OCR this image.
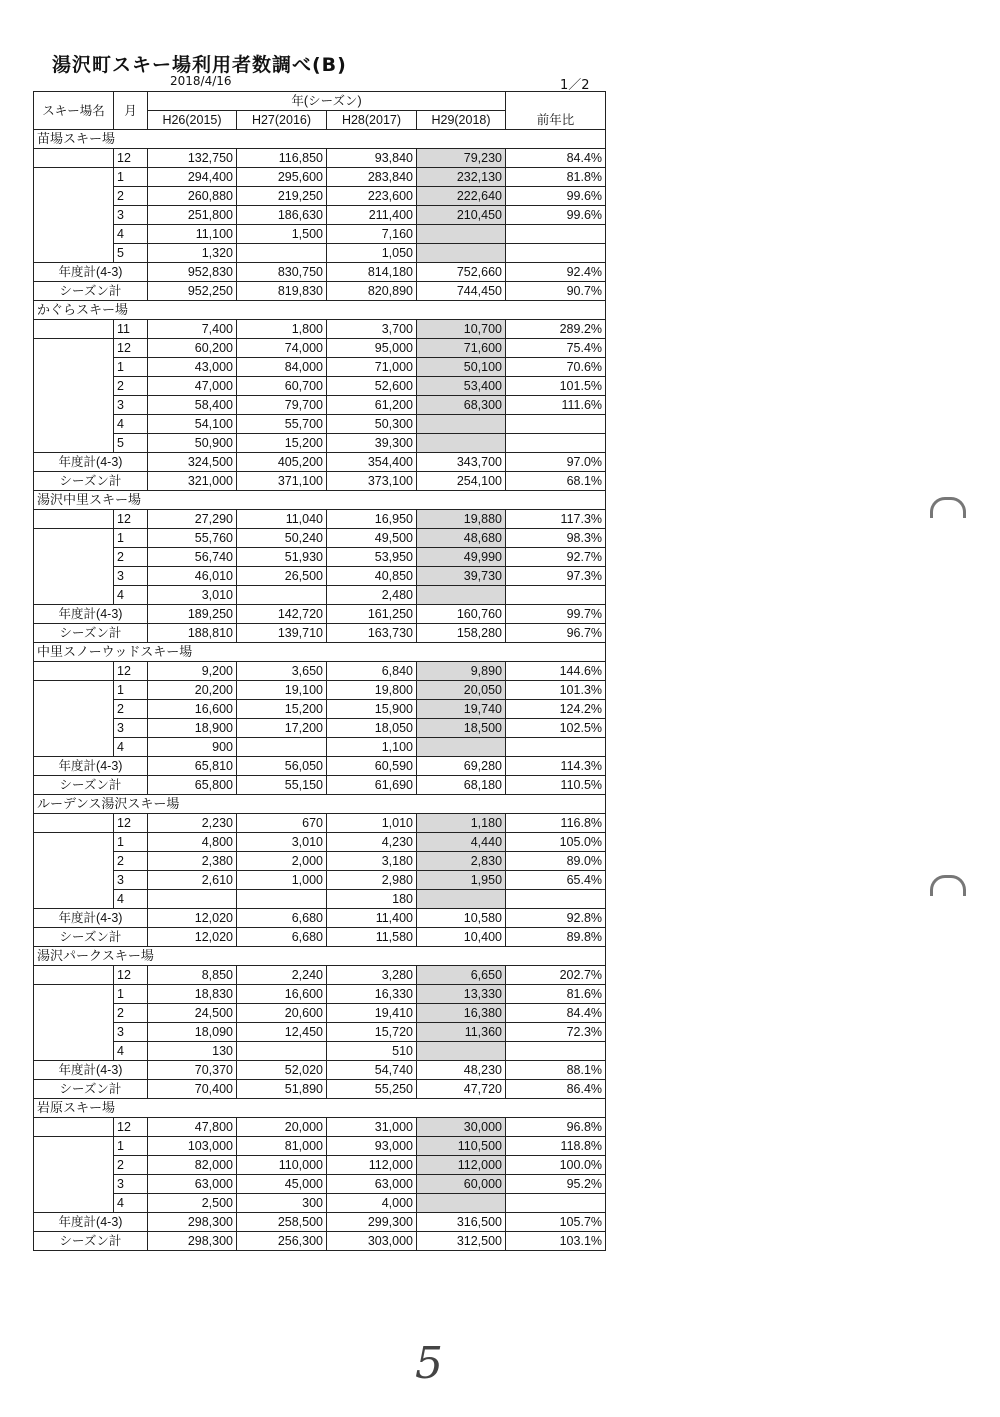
湯沢町スキー場利用者数調べ(B)
2018/4/16	1／2
スキー場名	月	年(シーズン)				
		H26(2015)	H27(2016)	H28(2017)	H29(2018)	前年比
苗場スキー場						
	12	132,750	116,850	93,840	79,230	84.4%
	1	294,400	295,600	283,840	232,130	81.8%
	2	260,880	219,250	223,600	222,640	99.6%
	3	251,800	186,630	211,400	210,450	99.6%
	4	11,100	1,500	7,160		
	5	1,320		1,050		
年度計(4-3)		952,830	830,750	814,180	752,660	92.4%
シーズン計		952,250	819,830	820,890	744,450	90.7%
かぐらスキー場						
	11	7,400	1,800	3,700	10,700	289.2%
	12	60,200	74,000	95,000	71,600	75.4%
	1	43,000	84,000	71,000	50,100	70.6%
	2	47,000	60,700	52,600	53,400	101.5%
	3	58,400	79,700	61,200	68,300	111.6%
	4	54,100	55,700	50,300		
	5	50,900	15,200	39,300		
年度計(4-3)		324,500	405,200	354,400	343,700	97.0%
シーズン計		321,000	371,100	373,100	254,100	68.1%
湯沢中里スキー場						
	12	27,290	11,040	16,950	19,880	117.3%
	1	55,760	50,240	49,500	48,680	98.3%
	2	56,740	51,930	53,950	49,990	92.7%
	3	46,010	26,500	40,850	39,730	97.3%
	4	3,010		2,480		
年度計(4-3)		189,250	142,720	161,250	160,760	99.7%
シーズン計		188,810	139,710	163,730	158,280	96.7%
中里スノーウッドスキー場						
	12	9,200	3,650	6,840	9,890	144.6%
	1	20,200	19,100	19,800	20,050	101.3%
	2	16,600	15,200	15,900	19,740	124.2%
	3	18,900	17,200	18,050	18,500	102.5%
	4	900		1,100		
年度計(4-3)		65,810	56,050	60,590	69,280	114.3%
シーズン計		65,800	55,150	61,690	68,180	110.5%
ルーデンス湯沢スキー場						
	12	2,230	670	1,010	1,180	116.8%
	1	4,800	3,010	4,230	4,440	105.0%
	2	2,380	2,000	3,180	2,830	89.0%
	3	2,610	1,000	2,980	1,950	65.4%
	4			180		
年度計(4-3)		12,020	6,680	11,400	10,580	92.8%
シーズン計		12,020	6,680	11,580	10,400	89.8%
湯沢パークスキー場						
	12	8,850	2,240	3,280	6,650	202.7%
	1	18,830	16,600	16,330	13,330	81.6%
	2	24,500	20,600	19,410	16,380	84.4%
	3	18,090	12,450	15,720	11,360	72.3%
	4	130		510		
年度計(4-3)		70,370	52,020	54,740	48,230	88.1%
シーズン計		70,400	51,890	55,250	47,720	86.4%
岩原スキー場						
	12	47,800	20,000	31,000	30,000	96.8%
	1	103,000	81,000	93,000	110,500	118.8%
	2	82,000	110,000	112,000	112,000	100.0%
	3	63,000	45,000	63,000	60,000	95.2%
	4	2,500	300	4,000		
年度計(4-3)		298,300	258,500	299,300	316,500	105.7%
シーズン計		298,300	256,300	303,000	312,500	103.1%
5
